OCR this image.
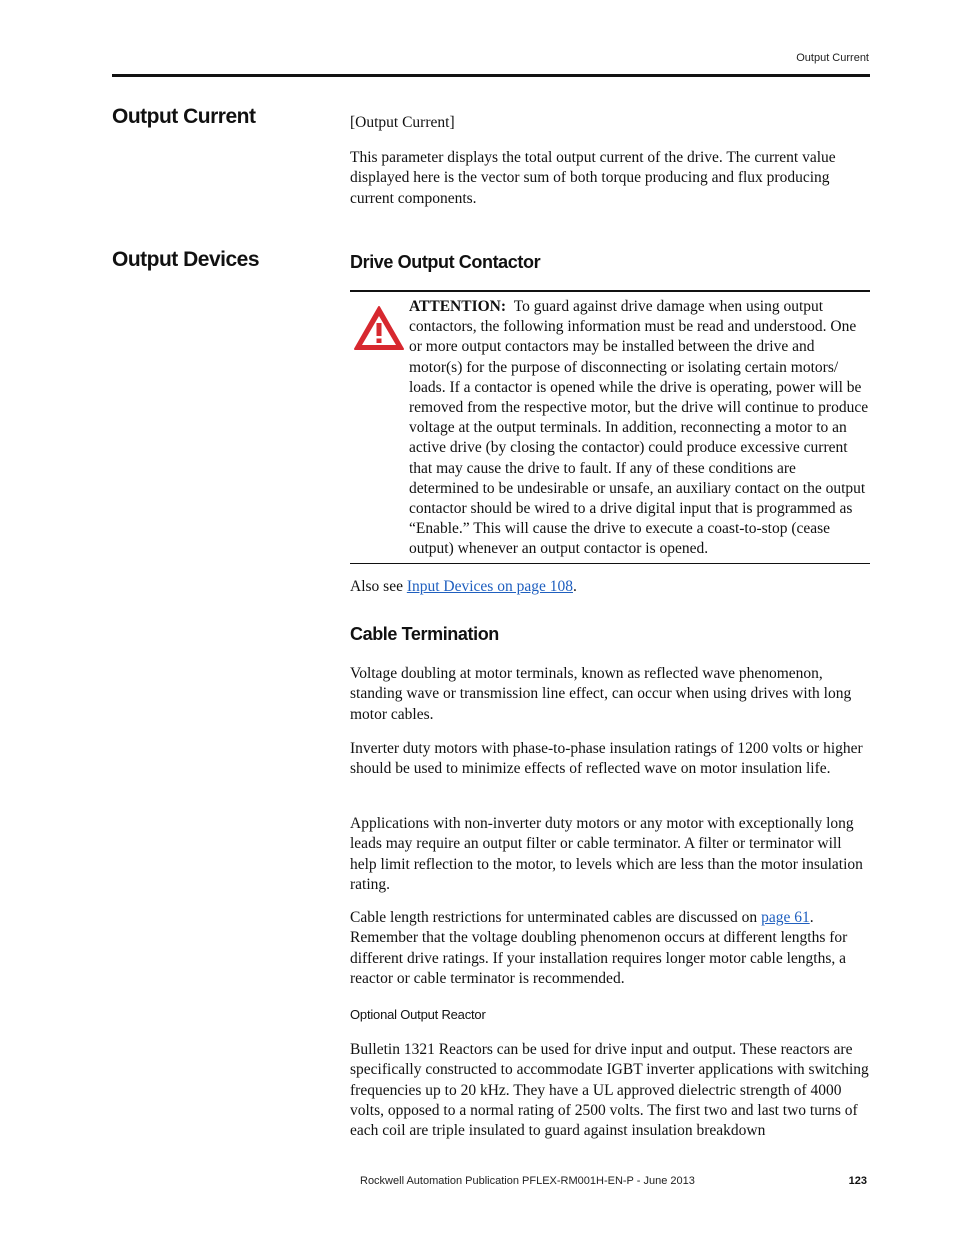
Output Current
Output Current	[Output Current]

This parameter displays the total output current of the drive. The current value displayed here is the vector sum of both torque producing and flux producing current components.

Output Devices	Drive Output Contactor

ATTENTION: To guard against drive damage when using output contactors, the following information must be read and understood. One or more output contactors may be installed between the drive and motor(s) for the purpose of disconnecting or isolating certain motors/ loads. If a contactor is opened while the drive is operating, power will be removed from the respective motor, but the drive will continue to produce voltage at the output terminals. In addition, reconnecting a motor to an active drive (by closing the contactor) could produce excessive current that may cause the drive to fault. If any of these conditions are determined to be undesirable or unsafe, an auxiliary contact on the output contactor should be wired to a drive digital input that is programmed as “Enable.” This will cause the drive to execute a coast-to-stop (cease output) whenever an output contactor is opened.

Also see Input Devices on page 108.

Cable Termination

Voltage doubling at motor terminals, known as reflected wave phenomenon, standing wave or transmission line effect, can occur when using drives with long motor cables.

Inverter duty motors with phase-to-phase insulation ratings of 1200 volts or higher should be used to minimize effects of reflected wave on motor insulation life.

Applications with non-inverter duty motors or any motor with exceptionally long leads may require an output filter or cable terminator. A filter or terminator will help limit reflection to the motor, to levels which are less than the motor insulation rating.

Cable length restrictions for unterminated cables are discussed on page 61. Remember that the voltage doubling phenomenon occurs at different lengths for different drive ratings. If your installation requires longer motor cable lengths, a reactor or cable terminator is recommended.

Optional Output Reactor

Bulletin 1321 Reactors can be used for drive input and output. These reactors are specifically constructed to accommodate IGBT inverter applications with switching frequencies up to 20 kHz. They have a UL approved dielectric strength of 4000 volts, opposed to a normal rating of 2500 volts. The first two and last two turns of each coil are triple insulated to guard against insulation breakdown

Rockwell Automation Publication PFLEX-RM001H-EN-P - June 2013	123
